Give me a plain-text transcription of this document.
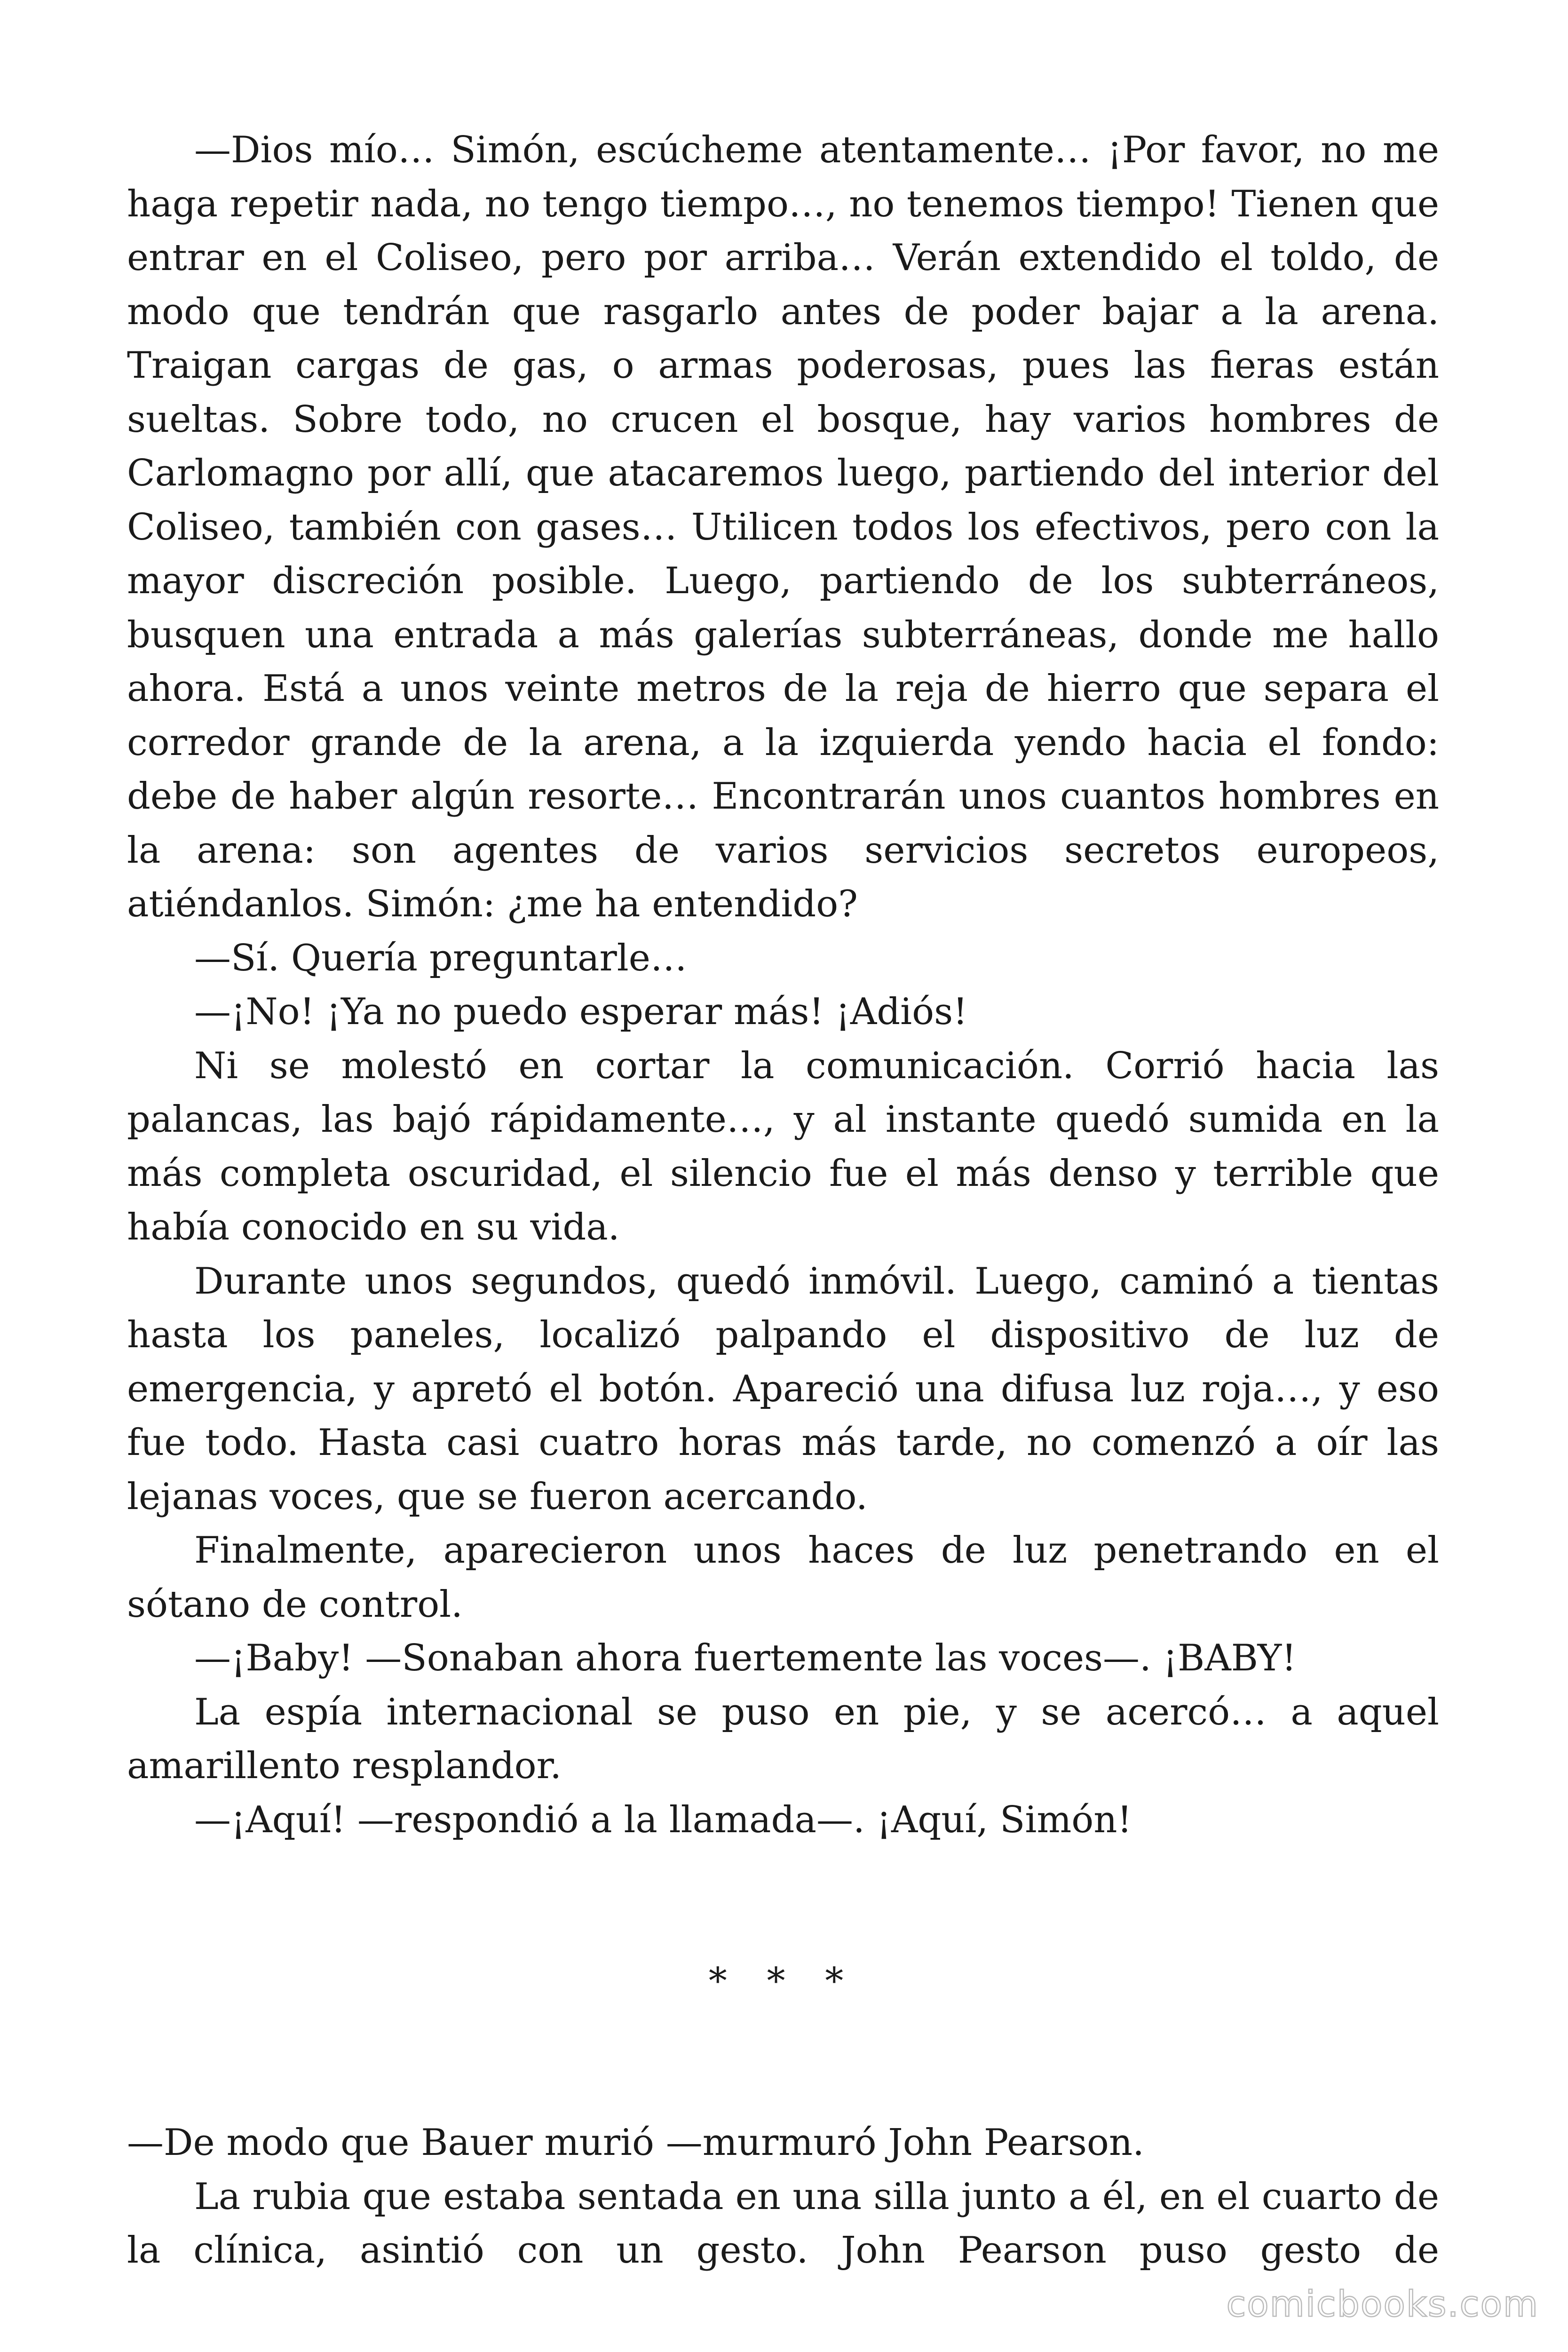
—Dios mío… Simón, escúcheme atentamente… ¡Por favor, no me haga repetir nada, no tengo tiempo…, no tenemos tiempo! Tienen que entrar en el Coliseo, pero por arriba… Verán extendido el toldo, de modo que tendrán que rasgarlo antes de poder bajar a la arena. Traigan cargas de gas, o armas poderosas, pues las fieras están sueltas. Sobre todo, no crucen el bosque, hay varios hombres de Carlomagno por allí, que atacaremos luego, partiendo del interior del Coliseo, también con gases… Utilicen todos los efectivos, pero con la mayor discreción posible. Luego, partiendo de los subterráneos, busquen una entrada a más galerías subterráneas, donde me hallo ahora. Está a unos veinte metros de la reja de hierro que separa el corredor grande de la arena, a la izquierda yendo hacia el fondo: debe de haber algún resorte… Encontrarán unos cuantos hombres en la arena: son agentes de varios servicios secretos europeos, atiéndanlos. Simón: ¿me ha entendido?

—Sí. Quería preguntarle…

—¡No! ¡Ya no puedo esperar más! ¡Adiós!

Ni se molestó en cortar la comunicación. Corrió hacia las palancas, las bajó rápidamente…, y al instante quedó sumida en la más completa oscuridad, el silencio fue el más denso y terrible que había conocido en su vida.

Durante unos segundos, quedó inmóvil. Luego, caminó a tientas hasta los paneles, localizó palpando el dispositivo de luz de emergencia, y apretó el botón. Apareció una difusa luz roja…, y eso fue todo. Hasta casi cuatro horas más tarde, no comenzó a oír las lejanas voces, que se fueron acercando.

Finalmente, aparecieron unos haces de luz penetrando en el sótano de control.

—¡Baby! —Sonaban ahora fuertemente las voces—. ¡BABY!

La espía internacional se puso en pie, y se acercó… a aquel amarillento resplandor.

—¡Aquí! —respondió a la llamada—. ¡Aquí, Simón!

* * *

—De modo que Bauer murió —murmuró John Pearson.

La rubia que estaba sentada en una silla junto a él, en el cuarto de la clínica, asintió con un gesto. John Pearson puso gesto de

comicbooks.com
